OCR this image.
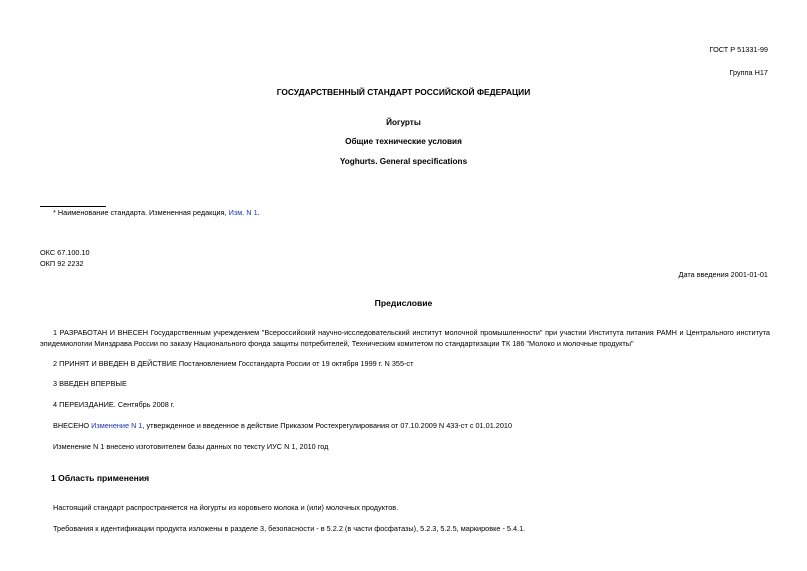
ГОСТ Р 51331-99
Группа Н17
ГОСУДАРСТВЕННЫЙ СТАНДАРТ РОССИЙСКОЙ ФЕДЕРАЦИИ
Йогурты
Общие технические условия
Yoghurts. General specifications
* Наименование стандарта. Измененная редакция, Изм. N 1.
ОКС 67.100.10
ОКП 92 2232
Дата введения 2001-01-01
Предисловие
1 РАЗРАБОТАН И ВНЕСЕН Государственным учреждением "Всероссийский научно-исследовательский институт молочной промышленности" при участии Института питания РАМН и Центрального института
эпидемиологии Минздрава России по заказу Национального фонда защиты потребителей, Техническим комитетом по стандартизации ТК 186 "Молоко и молочные продукты"
2 ПРИНЯТ И ВВЕДЕН В ДЕЙСТВИЕ Постановлением Госстандарта России от 19 октября 1999 г. N 355-ст
3 ВВЕДЕН ВПЕРВЫЕ
4 ПЕРЕИЗДАНИЕ. Сентябрь 2008 г.
ВНЕСЕНО Изменение N 1, утвержденное и введенное в действие Приказом Ростехрегулирования от 07.10.2009 N 433-ст с 01.01.2010
Изменение N 1 внесено изготовителем базы данных по тексту ИУС N 1, 2010 год
1 Область применения
Настоящий стандарт распространяется на йогурты из коровьего молока и (или) молочных продуктов.
Требования к идентификации продукта изложены в разделе 3, безопасности - в 5.2.2 (в части фосфатазы), 5.2.3, 5.2.5, маркировке - 5.4.1.
